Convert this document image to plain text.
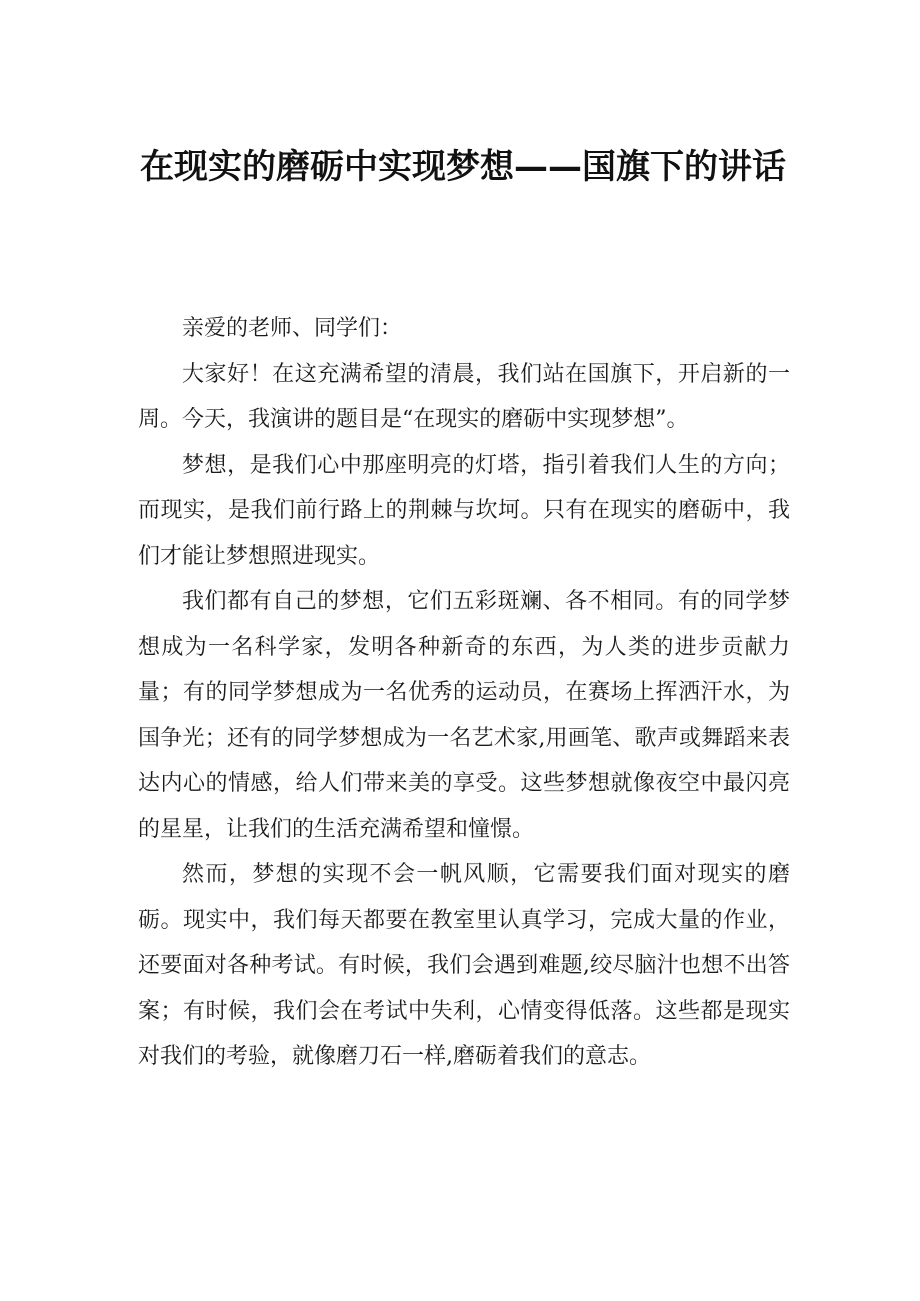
在现实的磨砺中实现梦想——国旗下的讲话

亲爱的老师、同学们：

大家好！在这充满希望的清晨，我们站在国旗下，开启新的一周。今天，我演讲的题目是“在现实的磨砺中实现梦想”。

梦想，是我们心中那座明亮的灯塔，指引着我们人生的方向；而现实，是我们前行路上的荆棘与坎坷。只有在现实的磨砺中，我们才能让梦想照进现实。

我们都有自己的梦想，它们五彩斑斓、各不相同。有的同学梦想成为一名科学家，发明各种新奇的东西，为人类的进步贡献力量；有的同学梦想成为一名优秀的运动员，在赛场上挥洒汗水，为国争光；还有的同学梦想成为一名艺术家,用画笔、歌声或舞蹈来表达内心的情感，给人们带来美的享受。这些梦想就像夜空中最闪亮的星星，让我们的生活充满希望和憧憬。

然而，梦想的实现不会一帆风顺，它需要我们面对现实的磨砺。现实中，我们每天都要在教室里认真学习，完成大量的作业，还要面对各种考试。有时候，我们会遇到难题,绞尽脑汁也想不出答案；有时候，我们会在考试中失利，心情变得低落。这些都是现实对我们的考验，就像磨刀石一样,磨砺着我们的意志。
